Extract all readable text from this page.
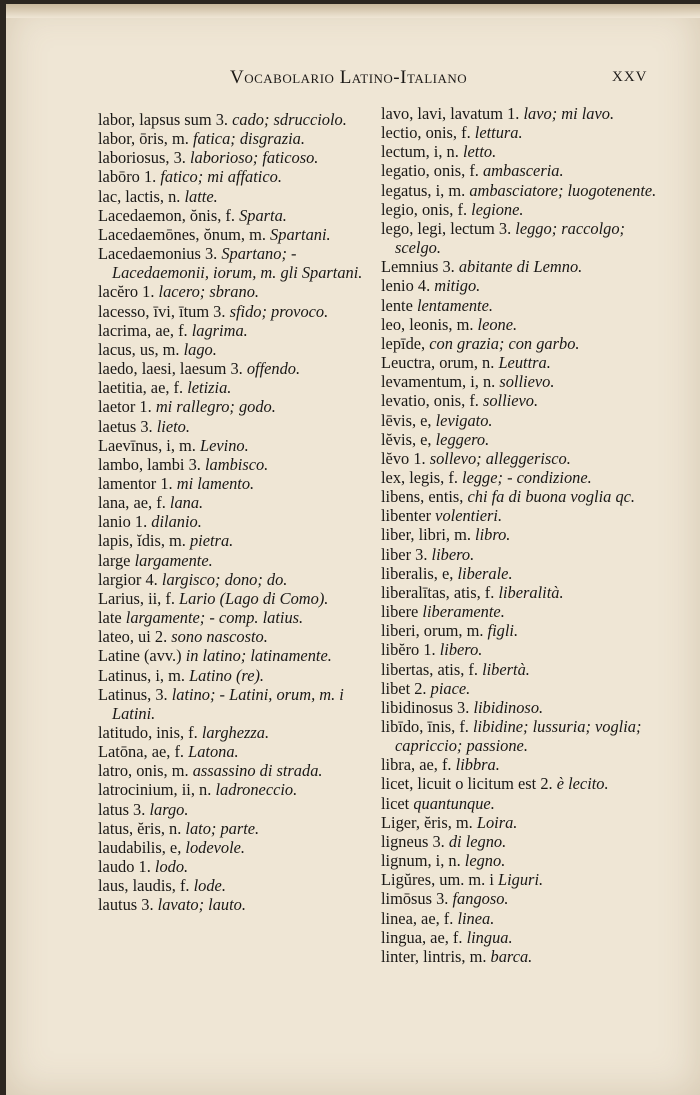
Vocabolario Latino-Italiano	XXV

labor, lapsus sum 3. cado; sdrucciolo.

labor, ōris, m. fatica; disgrazia.

laboriosus, 3. laborioso; faticoso.

labōro 1. fatico; mi affatico.

lac, lactis, n. latte.

Lacedaemon, ŏnis, f. Sparta.

Lacedaemōnes, ŏnum, m. Spartani.

Lacedaemonius 3. Spartano; - Lacedaemonii, iorum, m. gli Spartani.

lacĕro 1. lacero; sbrano.

lacesso, īvi, ītum 3. sfido; provoco.

lacrima, ae, f. lagrima.

lacus, us, m. lago.

laedo, laesi, laesum 3. offendo.

laetitia, ae, f. letizia.

laetor 1. mi rallegro; godo.

laetus 3. lieto.

Laevīnus, i, m. Levino.

lambo, lambi 3. lambisco.

lamentor 1. mi lamento.

lana, ae, f. lana.

lanio 1. dilanio.

lapis, ĭdis, m. pietra.

large largamente.

largior 4. largisco; dono; do.

Larius, ii, f. Lario (Lago di Como).

late largamente; - comp. latius.

lateo, ui 2. sono nascosto.

Latine (avv.) in latino; latinamente.

Latinus, i, m. Latino (re).

Latinus, 3. latino; - Latini, orum, m. i Latini.

latitudo, inis, f. larghezza.

Latōna, ae, f. Latona.

latro, onis, m. assassino di strada.

latrocinium, ii, n. ladroneccio.

latus 3. largo.

latus, ĕris, n. lato; parte.

laudabilis, e, lodevole.

laudo 1. lodo.

laus, laudis, f. lode.

lautus 3. lavato; lauto.

lavo, lavi, lavatum 1. lavo; mi lavo.

lectio, onis, f. lettura.

lectum, i, n. letto.

legatio, onis, f. ambasceria.

legatus, i, m. ambasciatore; luogotenente.

legio, onis, f. legione.

lego, legi, lectum 3. leggo; raccolgo; scelgo.

Lemnius 3. abitante di Lemno.

lenio 4. mitigo.

lente lentamente.

leo, leonis, m. leone.

lepīde, con grazia; con garbo.

Leuctra, orum, n. Leuttra.

levamentum, i, n. sollievo.

levatio, onis, f. sollievo.

lēvis, e, levigato.

lĕvis, e, leggero.

lĕvo 1. sollevo; alleggerisco.

lex, legis, f. legge; - condizione.

libens, entis, chi fa di buona voglia qc.

libenter volentieri.

liber, libri, m. libro.

liber 3. libero.

liberalis, e, liberale.

liberalītas, atis, f. liberalità.

libere liberamente.

liberi, orum, m. figli.

libĕro 1. libero.

libertas, atis, f. libertà.

libet 2. piace.

libidinosus 3. libidinoso.

libīdo, īnis, f. libidine; lussuria; voglia; capriccio; passione.

libra, ae, f. libbra.

licet, licuit o licitum est 2. è lecito.

licet quantunque.

Liger, ĕris, m. Loira.

ligneus 3. di legno.

lignum, i, n. legno.

Ligŭres, um. m. i Liguri.

limōsus 3. fangoso.

linea, ae, f. linea.

lingua, ae, f. lingua.

linter, lintris, m. barca.
